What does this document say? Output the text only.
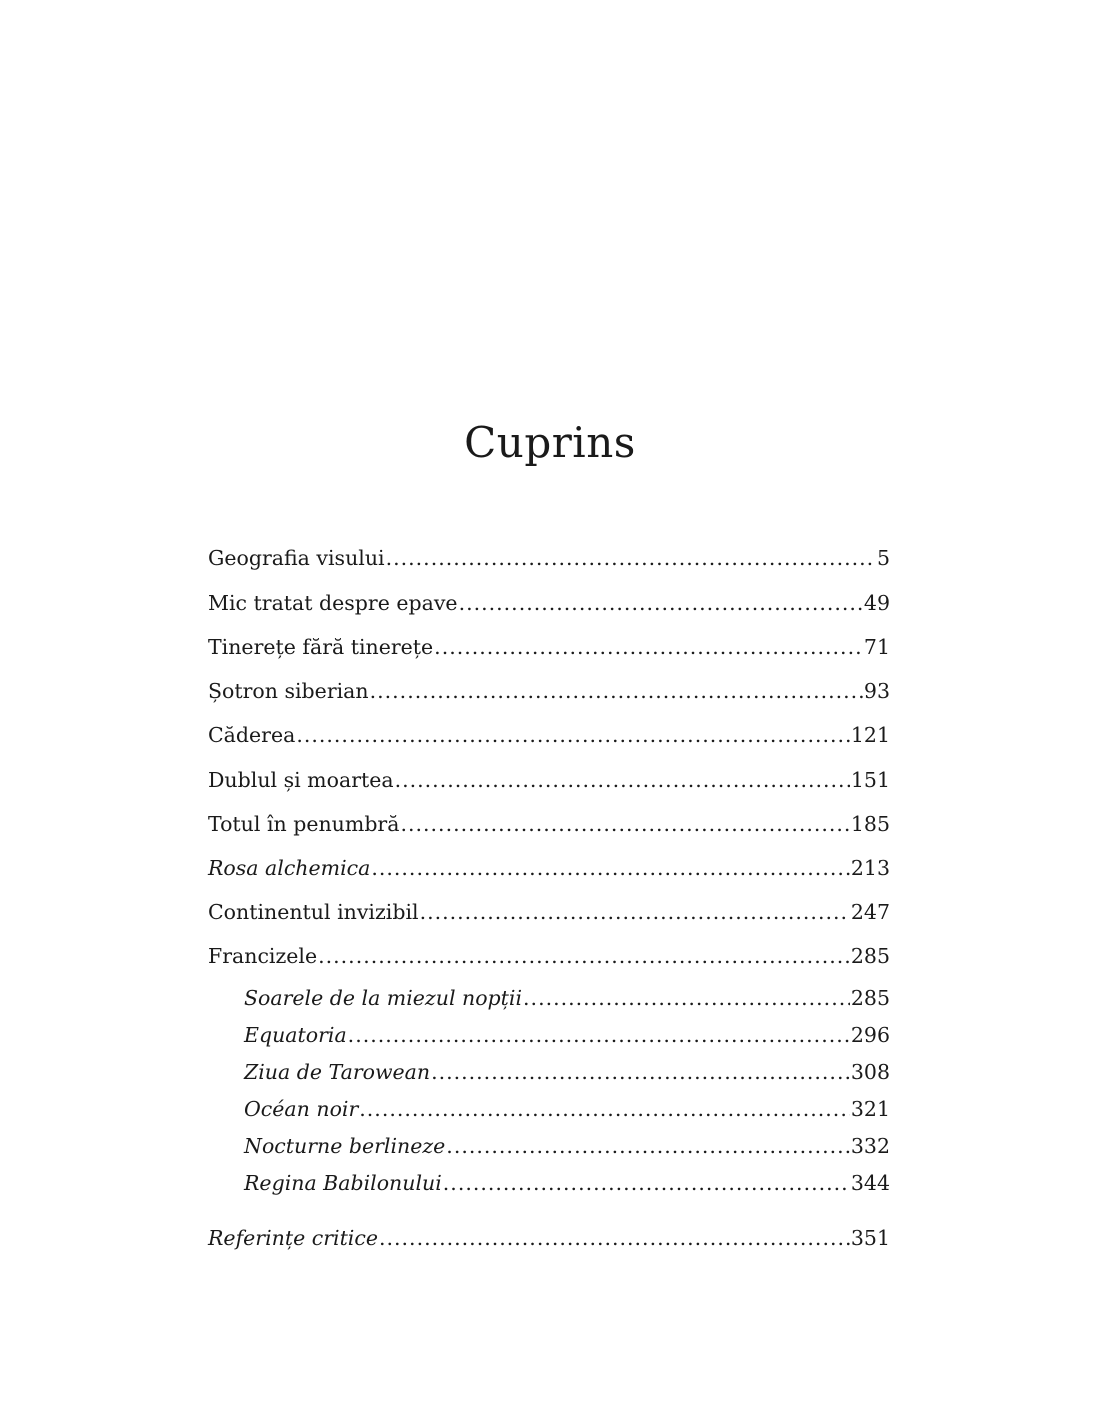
Cuprins
Geografia visului .....	5
Mic tratat despre epave .....	49
Tinerețe fără tinerețe .....	71
Șotron siberian .....	93
Căderea .....	121
Dublul și moartea .....	151
Totul în penumbră .....	185
Rosa alchemica .....	213
Continentul invizibil .....	247
Francizele .....	285
Soarele de la miezul nopții .....	285
Equatoria .....	296
Ziua de Tarowean .....	308
Océan noir .....	321
Nocturne berlineze .....	332
Regina Babilonului .....	344
Referințe critice .....	351
